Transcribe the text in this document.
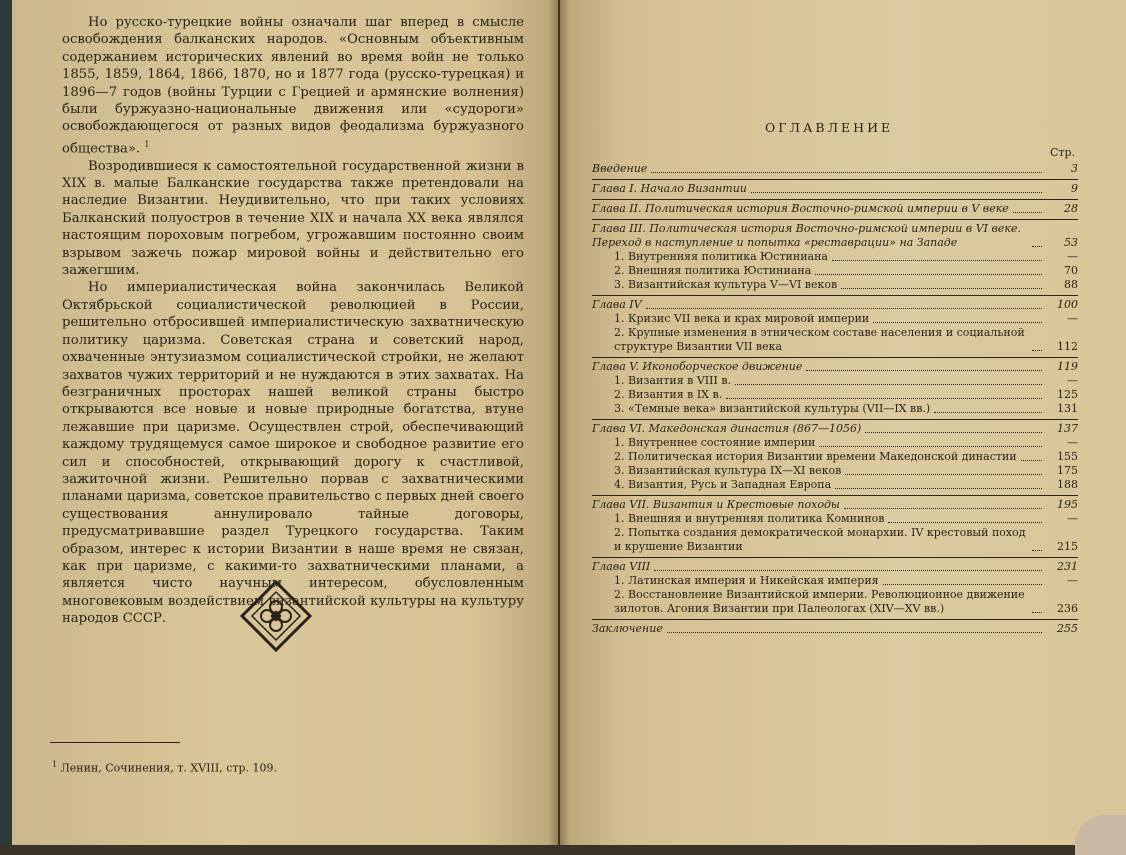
Но русско-турецкие войны означали шаг вперед в смысле освобождения балканских народов. «Основным объективным содержанием исторических явлений во время войн не только 1855, 1859, 1864, 1866, 1870, но и 1877 года (русско-турецкая) и 1896—7 годов (войны Турции с Грецией и армянские волнения) были буржуазно-национальные движения или «судороги» освобождающегося от разных видов феодализма буржуазного общества». $^1$

Возродившиеся к самостоятельной государственной жизни в XIX в. малые Балканские государства также претендовали на наследие Византии. Неудивительно, что при таких условиях Балканский полуостров в течение XIX и начала XX века являлся настоящим пороховым погребом, угрожавшим постоянно своим взрывом зажечь пожар мировой войны и действительно его зажегшим.

Но империалистическая война закончилась Великой Октябрьской социалистической революцией в России, решительно отбросившей империалистическую захватническую политику царизма. Советская страна и советский народ, охваченные энтузиазмом социалистической стройки, не желают захватов чужих территорий и не нуждаются в этих захватах. На безграничных просторах нашей великой страны быстро открываются все новые и новые природные богатства, втуне лежавшие при царизме. Осуществлен строй, обеспечивающий каждому трудящемуся самое широкое и свободное развитие его сил и способностей, открывающий дорогу к счастливой, зажиточной жизни. Решительно порвав с захватническими планами царизма, советское правительство с первых дней своего существования аннулировало тайные договоры, предусматривавшие раздел Турецкого государства. Таким образом, интерес к истории Византии в наше время не связан, как при царизме, с какими-то захватническими планами, а является чисто научным интересом, обусловленным многовековым воздействием византийской культуры на культуру народов СССР.

$^1$ Ленин, Сочинения, т. XVIII, стр. 109.
ОГЛАВЛЕНИЕ
Стр.
Введение	3
Глава I. Начало Византии	9
Глава II. Политическая история Восточно-римской империи в V веке	28
Глава III. Политическая история Восточно-римской империи в VI веке. Переход в наступление и попытка «реставрации» на Западе	53
1. Внутренняя политика Юстиниана	—
2. Внешняя политика Юстиниана	70
3. Византийская культура V—VI веков	88
Глава IV	100
1. Кризис VII века и крах мировой империи	—
2. Крупные изменения в этническом составе населения и социальной структуре Византии VII века	112
Глава V. Иконоборческое движение	119
1. Византия в VIII в.	—
2. Византия в IX в.	125
3. «Темные века» византийской культуры (VII—IX вв.)	131
Глава VI. Македонская династия (867—1056)	137
1. Внутреннее состояние империи	—
2. Политическая история Византии времени Македонской династии	155
3. Византийская культура IX—XI веков	175
4. Византия, Русь и Западная Европа	188
Глава VII. Византия и Крестовые походы	195
1. Внешняя и внутренняя политика Комнинов	—
2. Попытка создания демократической монархии. IV крестовый поход и крушение Византии	215
Глава VIII	231
1. Латинская империя и Никейская империя	—
2. Восстановление Византийской империи. Революционное движение зилотов. Агония Византии при Палеологах (XIV—XV вв.)	236
Заключение	255
